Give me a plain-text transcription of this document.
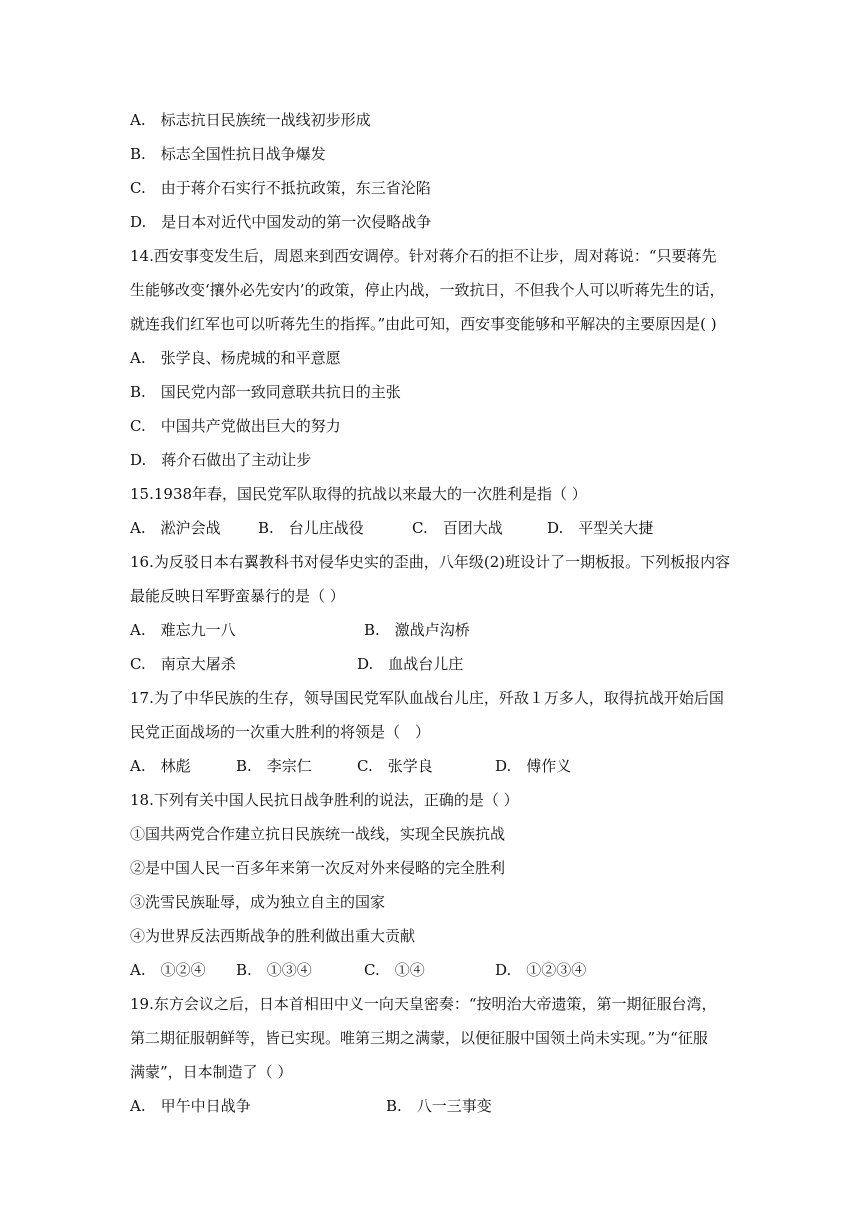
A.　标志抗日民族统一战线初步形成
B.　标志全国性抗日战争爆发
C.　由于蒋介石实行不抵抗政策，东三省沦陷
D.　是日本对近代中国发动的第一次侵略战争
14.西安事变发生后，周恩来到西安调停。针对蒋介石的拒不让步，周对蒋说：“只要蒋先
生能够改变‘攘外必先安内’的政策，停止内战，一致抗日，不但我个人可以听蒋先生的话，
就连我们红军也可以听蒋先生的指挥。”由此可知，西安事变能够和平解决的主要原因是( )
A.　张学良、杨虎城的和平意愿
B.　国民党内部一致同意联共抗日的主张
C.　中国共产党做出巨大的努力
D.　蒋介石做出了主动让步
15.1938年春，国民党军队取得的抗战以来最大的一次胜利是指（ ）
A.　淞沪会战 B.　台儿庄战役	C.　百团大战	D.　平型关大捷
16.为反驳日本右翼教科书对侵华史实的歪曲，八年级(2)班设计了一期板报。下列板报内容
最能反映日军野蛮暴行的是（ ）
A.　难忘九一八	B.　激战卢沟桥
C.　南京大屠杀	D.　血战台儿庄
17.为了中华民族的生存，领导国民党军队血战台儿庄，歼敌１万多人，取得抗战开始后国
民党正面战场的一次重大胜利的将领是（　）
A.　林彪	B.　李宗仁	C.　张学良	D.　傅作义
18.下列有关中国人民抗日战争胜利的说法，正确的是（ ）
①国共两党合作建立抗日民族统一战线，实现全民族抗战
②是中国人民一百多年来第一次反对外来侵略的完全胜利
③洗雪民族耻辱，成为独立自主的国家
④为世界反法西斯战争的胜利做出重大贡献
A.　①②④ B.　①③④	C.　①④	D.　①②③④
19.东方会议之后，日本首相田中义一向天皇密奏：“按明治大帝遗策，第一期征服台湾，
第二期征服朝鲜等，皆已实现。唯第三期之满蒙，以便征服中国领土尚未实现。”为“征服
满蒙”，日本制造了（ ）
A.　甲午中日战争	B.　八一三事变
